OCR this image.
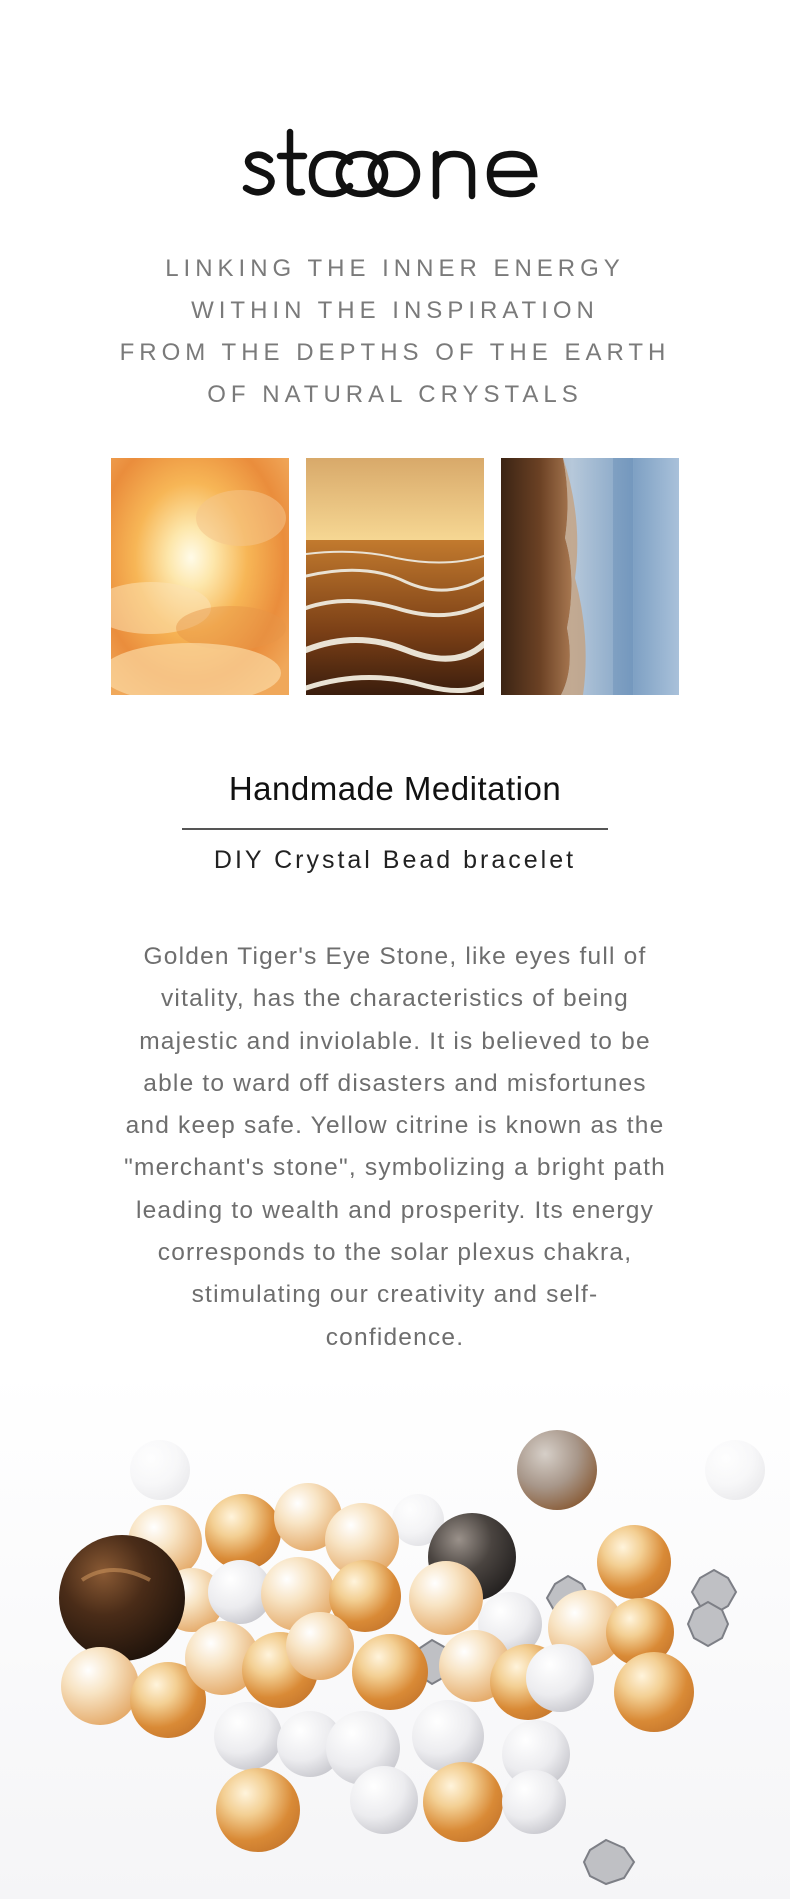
LINKING THE INNER ENERGY
WITHIN THE INSPIRATION
FROM THE DEPTHS OF THE EARTH
OF NATURAL CRYSTALS
Handmade Meditation
DIY Crystal Bead bracelet
Golden Tiger's Eye Stone, like eyes full of
vitality, has the characteristics of being
majestic and inviolable. It is believed to be
able to ward off disasters and misfortunes
and keep safe. Yellow citrine is known as the
"merchant's stone", symbolizing a bright path
leading to wealth and prosperity. Its energy
corresponds to the solar plexus chakra,
stimulating our creativity and self-
confidence.
